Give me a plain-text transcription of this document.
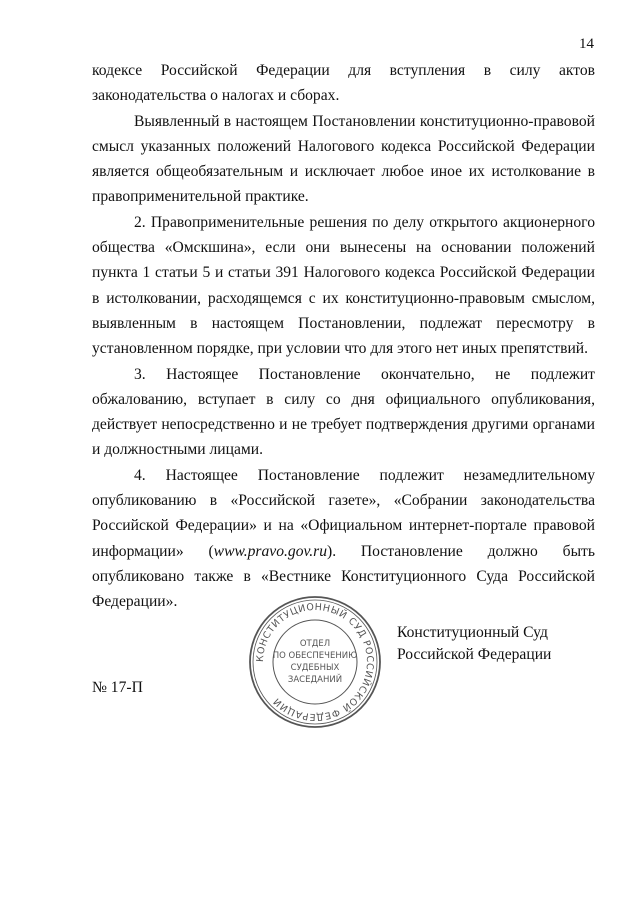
14

кодексе Российской Федерации для вступления в силу актов законодательства о налогах и сборах.

Выявленный в настоящем Постановлении конституционно-правовой смысл указанных положений Налогового кодекса Российской Федерации является общеобязательным и исключает любое иное их истолкование в правоприменительной практике.

2. Правоприменительные решения по делу открытого акционерного общества «Омскшина», если они вынесены на основании положений пункта 1 статьи 5 и статьи 391 Налогового кодекса Российской Федерации в истолковании, расходящемся с их конституционно-правовым смыслом, выявленным в настоящем Постановлении, подлежат пересмотру в установленном порядке, при условии что для этого нет иных препятствий.

3. Настоящее Постановление окончательно, не подлежит обжалованию, вступает в силу со дня официального опубликования, действует непосредственно и не требует подтверждения другими органами и должностными лицами.

4. Настоящее Постановление подлежит незамедлительному опубликованию в «Российской газете», «Собрании законодательства Российской Федерации» и на «Официальном интернет-портале правовой информации» (www.pravo.gov.ru). Постановление должно быть опубликовано также в «Вестнике Конституционного Суда Российской Федерации».

КОНСТИТУЦИОННЫЙ СУД РОССИЙСКОЙ ФЕДЕРАЦИИ
ОТДЕЛ
ПО ОБЕСПЕЧЕНИЮ
СУДЕБНЫХ
ЗАСЕДАНИЙ
Конституционный Суд
Российской Федерации
№ 17-П
